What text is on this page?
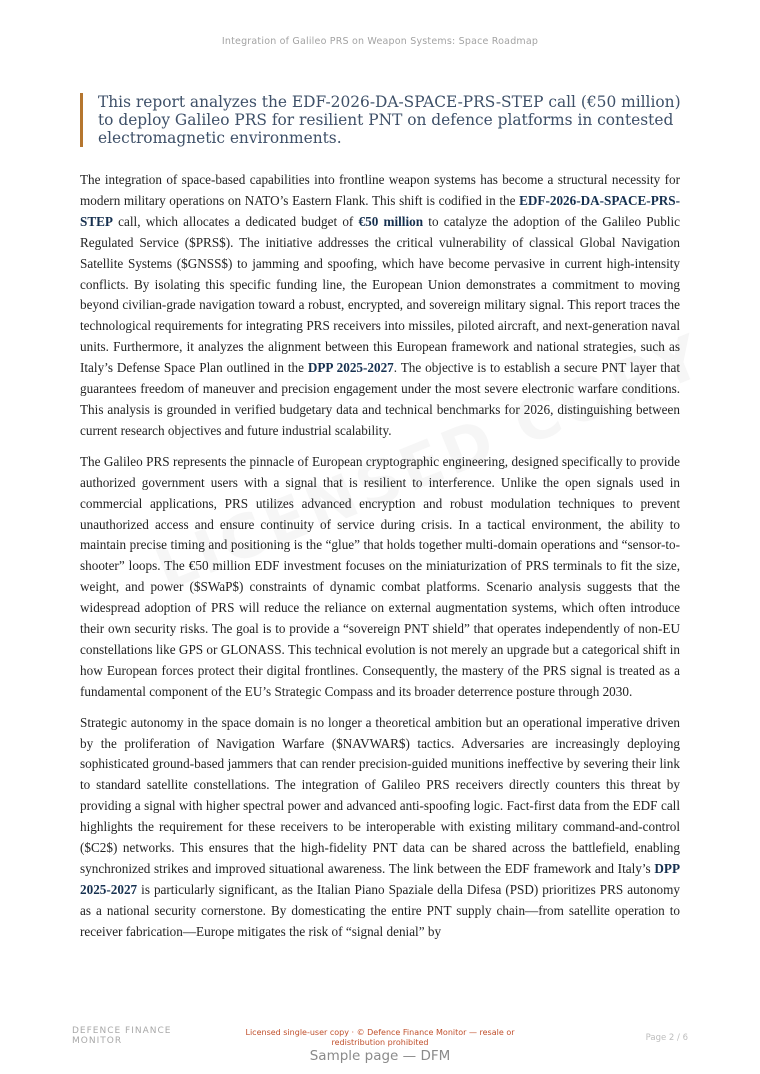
Integration of Galileo PRS on Weapon Systems: Space Roadmap
This report analyzes the EDF-2026-DA-SPACE-PRS-STEP call (€50 million) to deploy Galileo PRS for resilient PNT on defence platforms in contested electromagnetic environments.

The integration of space-based capabilities into frontline weapon systems has become a structural necessity for modern military operations on NATO’s Eastern Flank. This shift is codified in the EDF-2026-DA-SPACE-PRS-STEP call, which allocates a dedicated budget of €50 million to catalyze the adoption of the Galileo Public Regulated Service ($PRS$). The initiative addresses the critical vulnerability of classical Global Navigation Satellite Systems ($GNSS$) to jamming and spoofing, which have become pervasive in current high-intensity conflicts. By isolating this specific funding line, the European Union demonstrates a commitment to moving beyond civilian-grade navigation toward a robust, encrypted, and sovereign military signal. This report traces the technological requirements for integrating PRS receivers into missiles, piloted aircraft, and next-generation naval units. Furthermore, it analyzes the alignment between this European framework and national strategies, such as Italy’s Defense Space Plan outlined in the DPP 2025-2027. The objective is to establish a secure PNT layer that guarantees freedom of maneuver and precision engagement under the most severe electronic warfare conditions. This analysis is grounded in verified budgetary data and technical benchmarks for 2026, distinguishing between current research objectives and future industrial scalability.

The Galileo PRS represents the pinnacle of European cryptographic engineering, designed specifically to provide authorized government users with a signal that is resilient to interference. Unlike the open signals used in commercial applications, PRS utilizes advanced encryption and robust modulation techniques to prevent unauthorized access and ensure continuity of service during crisis. In a tactical environment, the ability to maintain precise timing and positioning is the “glue” that holds together multi-domain operations and “sensor-to-shooter” loops. The €50 million EDF investment focuses on the miniaturization of PRS terminals to fit the size, weight, and power ($SWaP$) constraints of dynamic combat platforms. Scenario analysis suggests that the widespread adoption of PRS will reduce the reliance on external augmentation systems, which often introduce their own security risks. The goal is to provide a “sovereign PNT shield” that operates independently of non-EU constellations like GPS or GLONASS. This technical evolution is not merely an upgrade but a categorical shift in how European forces protect their digital frontlines. Consequently, the mastery of the PRS signal is treated as a fundamental component of the EU’s Strategic Compass and its broader deterrence posture through 2030.

Strategic autonomy in the space domain is no longer a theoretical ambition but an operational imperative driven by the proliferation of Navigation Warfare ($NAVWAR$) tactics. Adversaries are increasingly deploying sophisticated ground-based jammers that can render precision-guided munitions ineffective by severing their link to standard satellite constellations. The integration of Galileo PRS receivers directly counters this threat by providing a signal with higher spectral power and advanced anti-spoofing logic. Fact-first data from the EDF call highlights the requirement for these receivers to be interoperable with existing military command-and-control ($C2$) networks. This ensures that the high-fidelity PNT data can be shared across the battlefield, enabling synchronized strikes and improved situational awareness. The link between the EDF framework and Italy’s DPP 2025-2027 is particularly significant, as the Italian Piano Spaziale della Difesa (PSD) prioritizes PRS autonomy as a national security cornerstone. By domesticating the entire PNT supply chain—from satellite operation to receiver fabrication—Europe mitigates the risk of “signal denial” by

DEFENCE FINANCE
MONITOR
Licensed single-user copy · © Defence Finance Monitor — resale or redistribution prohibited	Page 2 / 6
Sample page — DFM
